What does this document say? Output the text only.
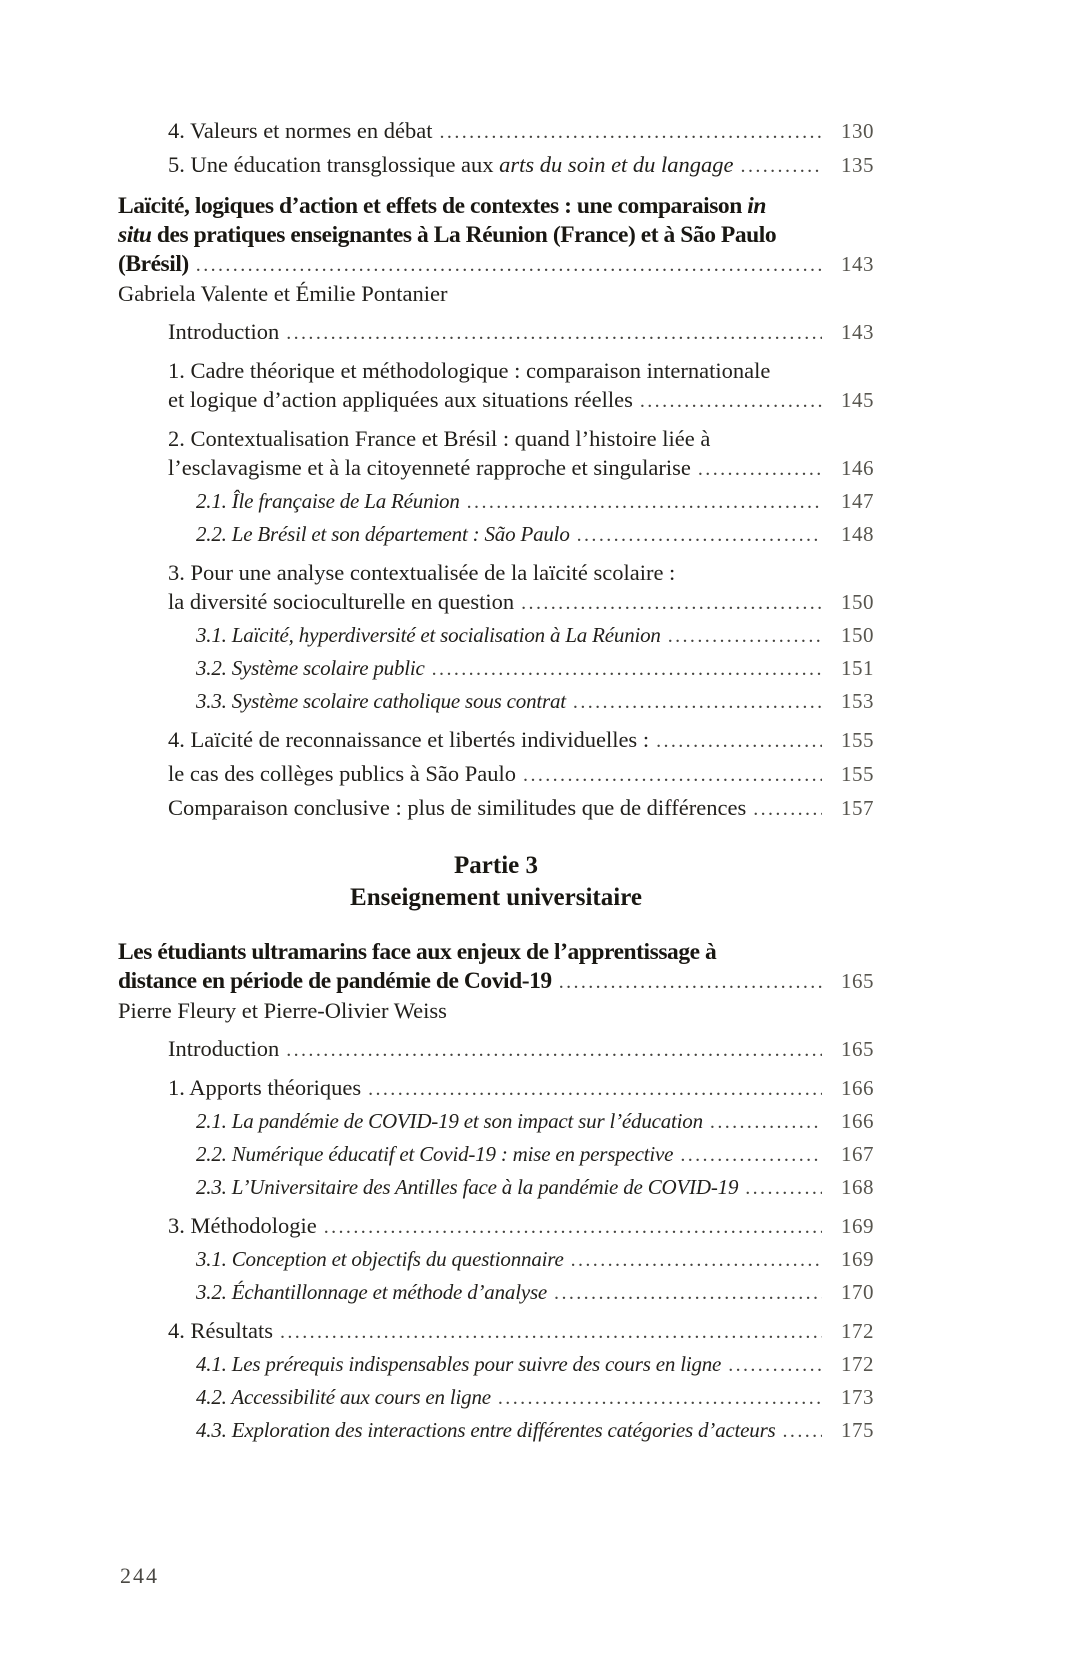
4. Valeurs et normes en débat .....	130
5. Une éducation transglossique aux arts du soin et du langage .....	135
Laïcité, logiques d’action et effets de contextes : une comparaison in
situ des pratiques enseignantes à La Réunion (France) et à São Paulo
(Brésil) .....	143
Gabriela Valente et Émilie Pontanier
Introduction .....	143
1. Cadre théorique et méthodologique : comparaison internationale
et logique d’action appliquées aux situations réelles .....	145
2. Contextualisation France et Brésil : quand l’histoire liée à
l’esclavagisme et à la citoyenneté rapproche et singularise .....	146
2.1. Île française de La Réunion .....	147
2.2. Le Brésil et son département : São Paulo .....	148
3. Pour une analyse contextualisée de la laïcité scolaire :
la diversité socioculturelle en question .....	150
3.1. Laïcité, hyperdiversité et socialisation à La Réunion .....	150
3.2. Système scolaire public .....	151
3.3. Système scolaire catholique sous contrat .....	153
4. Laïcité de reconnaissance et libertés individuelles : .....	155
le cas des collèges publics à São Paulo .....	155
Comparaison conclusive : plus de similitudes que de différences .....	157
Partie 3
Enseignement universitaire
Les étudiants ultramarins face aux enjeux de l’apprentissage à
distance en période de pandémie de Covid-19 .....	165
Pierre Fleury et Pierre-Olivier Weiss
Introduction .....	165
1. Apports théoriques .....	166
2.1. La pandémie de COVID-19 et son impact sur l’éducation .....	166
2.2. Numérique éducatif et Covid-19 : mise en perspective .....	167
2.3. L’Universitaire des Antilles face à la pandémie de COVID-19 .....	168
3. Méthodologie .....	169
3.1. Conception et objectifs du questionnaire .....	169
3.2. Échantillonnage et méthode d’analyse .....	170
4. Résultats .....	172
4.1. Les prérequis indispensables pour suivre des cours en ligne .....	172
4.2. Accessibilité aux cours en ligne .....	173
4.3. Exploration des interactions entre différentes catégories d’acteurs .....	175
244
